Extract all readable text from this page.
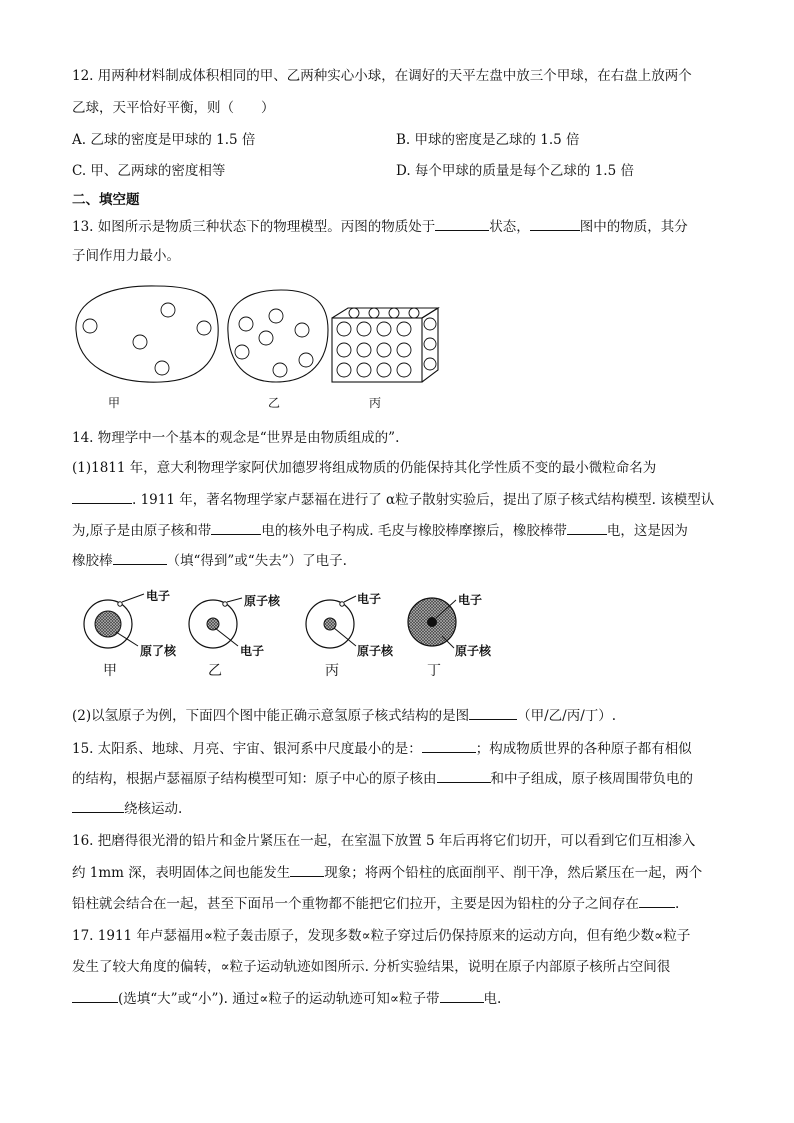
12. 用两种材料制成体积相同的甲、乙两种实心小球，在调好的天平左盘中放三个甲球，在右盘上放两个
乙球，天平恰好平衡，则（　　）
A. 乙球的密度是甲球的 1.5 倍	B. 甲球的密度是乙球的 1.5 倍
C. 甲、乙两球的密度相等	D. 每个甲球的质量是每个乙球的 1.5 倍
二、填空题
13. 如图所示是物质三种状态下的物理模型。丙图的物质处于	状态，	图中的物质，其分
子间作用力最小。
甲	乙	丙
14. 物理学中一个基本的观念是“世界是由物质组成的”.
(1)1811 年，意大利物理学家阿伏加德罗将组成物质的仍能保持其化学性质不变的最小微粒命名为
. 1911 年，著名物理学家卢瑟福在进行了 α粒子散射实验后，提出了原子核式结构模型. 该模型认
为,原子是由原子核和带	电的核外电子构成. 毛皮与橡胶棒摩擦后，橡胶棒带	电，这是因为
橡胶棒	（填“得到”或“失去”）了电子.
电子
原了核
原子核
电子
电子
原子核
电子
原子核
甲	乙	丙	丁
(2)以氢原子为例，下面四个图中能正确示意氢原子核式结构的是图	（甲/乙/丙/丁）.
15. 太阳系、地球、月亮、宇宙、银河系中尺度最小的是：	；构成物质世界的各种原子都有相似
的结构，根据卢瑟福原子结构模型可知：原子中心的原子核由	和中子组成，原子核周围带负电的
绕核运动.
16. 把磨得很光滑的铅片和金片紧压在一起，在室温下放置 5 年后再将它们切开，可以看到它们互相渗入
约 1mm 深，表明固体之间也能发生	现象；将两个铅柱的底面削平、削干净，然后紧压在一起，两个
铅柱就会结合在一起，甚至下面吊一个重物都不能把它们拉开，主要是因为铅柱的分子之间存在	.
17. 1911 年卢瑟福用∝粒子轰击原子，发现多数∝粒子穿过后仍保持原来的运动方向，但有绝少数∝粒子
发生了较大角度的偏转，∝粒子运动轨迹如图所示. 分析实验结果，说明在原子内部原子核所占空间很
(选填“大”或“小”). 通过∝粒子的运动轨迹可知∝粒子带	电.
